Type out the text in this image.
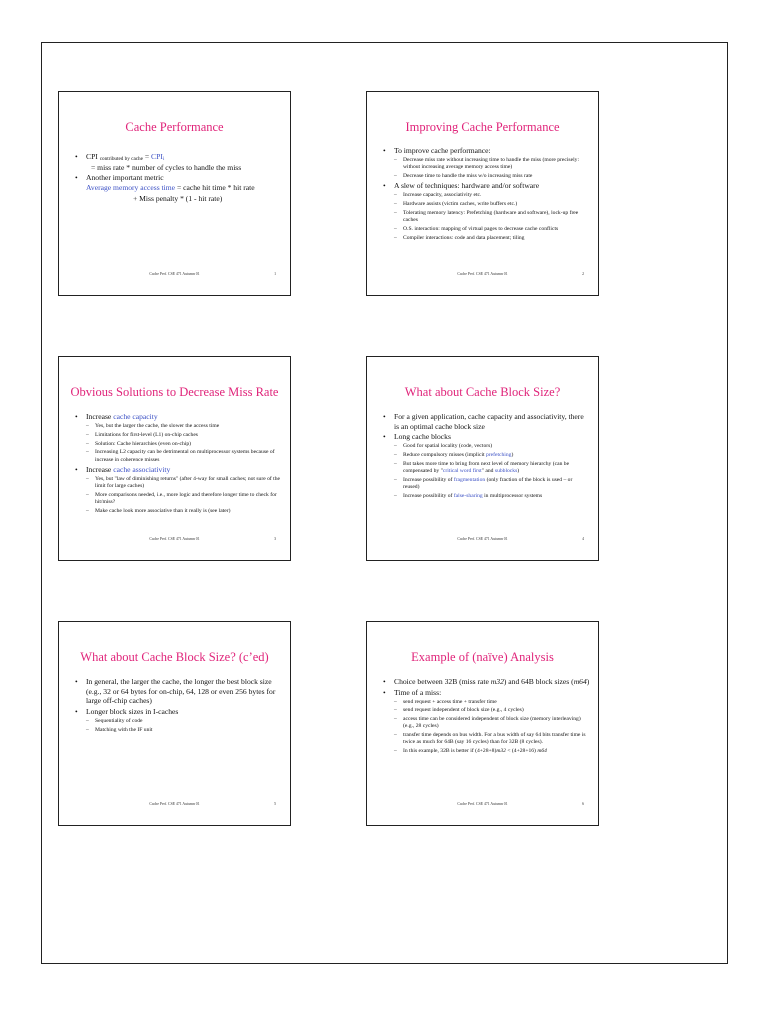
Cache Performance
• CPI contributed by cache = CPIi
= miss rate * number of cycles to handle the miss
• Another important metric
Average memory access time = cache hit time * hit rate
+ Miss penalty * (1 - hit rate)
Cache Perf. CSE 471 Autumn 01	1
Improving Cache Performance
• To improve cache performance:
– Decrease miss rate without increasing time to handle the miss (more precisely: without increasing average memory access time)
– Decrease time to handle the miss w/o increasing miss rate
• A slew of techniques: hardware and/or software
– Increase capacity, associativity etc.
– Hardware assists (victim caches, write buffers etc.)
– Tolerating memory latency: Prefetching (hardware and software), lock-up free caches
– O.S. interaction: mapping of virtual pages to decrease cache conflicts
– Compiler interactions: code and data placement; tiling
Cache Perf. CSE 471 Autumn 01	2
Obvious Solutions to Decrease Miss Rate
• Increase cache capacity
– Yes, but the larger the cache, the slower the access time
– Limitations for first-level (L1) on-chip caches
– Solution: Cache hierarchies (even on-chip)
– Increasing L2 capacity can be detrimental on multiprocessor systems because of increase in coherence misses
• Increase cache associativity
– Yes, but "law of diminishing returns" (after 4-way for small caches; not sure of the limit for large caches)
– More comparisons needed, i.e., more logic and therefore longer time to check for hit/miss?
– Make cache look more associative than it really is (see later)
Cache Perf. CSE 471 Autumn 01	3
What about Cache Block Size?
• For a given application, cache capacity and associativity, there is an optimal cache block size
• Long cache blocks
– Good for spatial locality (code, vectors)
– Reduce compulsory misses (implicit prefetching)
– But takes more time to bring from next level of memory hierarchy (can be compensated by "critical word first" and subblocks)
– Increase possibility of fragmentation (only fraction of the block is used – or reused)
– Increase possibility of false-sharing in multiprocessor systems
Cache Perf. CSE 471 Autumn 01	4
What about Cache Block Size? (c’ed)
• In general, the larger the cache, the longer the best block size (e.g., 32 or 64 bytes for on-chip, 64, 128 or even 256 bytes for large off-chip caches)
• Longer block sizes in I-caches
– Sequentiality of code
– Matching with the IF unit
Cache Perf. CSE 471 Autumn 01	5
Example of (naïve) Analysis
• Choice between 32B (miss rate m32) and 64B block sizes (m64)
• Time of a miss:
– send request + access time + transfer time
– send request independent of block size (e.g., 4 cycles)
– access time can be considered independent of block size (memory interleaving) (e.g., 28 cycles)
– transfer time depends on bus width. For a bus width of say 64 bits transfer time is twice as much for 64B (say 16 cycles) than for 32B (8 cycles).
– In this example, 32B is better if (4+28+8)m32 < (4+28+16) m64
Cache Perf. CSE 471 Autumn 01	6
